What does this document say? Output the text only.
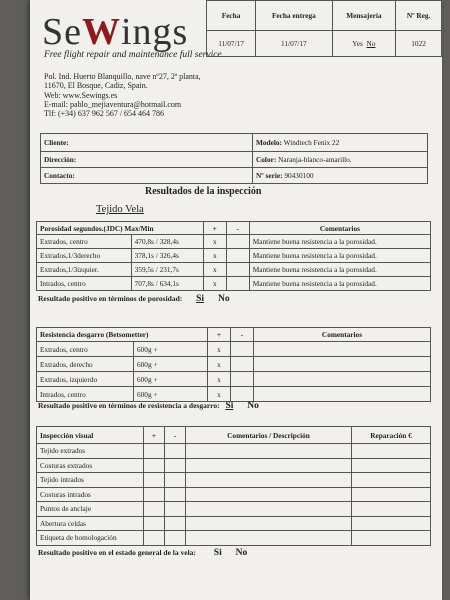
SeWings
Free flight repair and maintenance full service.
Pol. Ind. Huerto Blanquillo, nave nº27, 2ª planta,
11670, El Bosque, Cadiz, Spain.
Web: www.Sewings.es
E-mail: pablo_mejiaventura@hotmail.com
Tlf: (+34) 637 962 567 / 654 464 786
Fecha	Fecha entrega	Mensajería	Nº Reg.
11/07/17	11/07/17	Yes No	1022
Cliente:	Modelo: Windtech Fenix 22
Dirección:	Color: Naranja-blanco-amarillo.
Contacto:	Nº serie: 90430100
Resultados de la inspección
Tejido Vela
Porosidad segundos.(JDC) Max/Min		+	-	Comentarios
Extrados, centro	470,8s / 328,4s	x		Mantiene buena resistencia a la porosidad.
Extrados,1/3derecho	378,1s / 326,4s	x		Mantiene buena resistencia a la porosidad.
Extrados,1/3izquier.	359,5s / 231,7s	x		Mantiene buena resistencia a la porosidad.
Intrados, centro	707,8s / 634,1s	x		Mantiene buena resistencia a la porosidad.
Resultado positivo en términos de porosidad: Si No
Resistencia desgarro (Betsometter)		+	-	Comentarios
Extrados, centro	600g +	x		
Extrados, derecho	600g +	x		
Extrados, izquierdo	600g +	x		
Intrados, centro	600g +	x		
Resultado positivo en términos de resistencia a desgarro: Si No
Inspección visual	+	-	Comentarios / Descripción	Reparación €
Tejido extrados				
Costuras extrados				
Tejido intrados				
Costuras intrados				
Puntos de anclaje				
Abertura celdas				
Etiqueta de homologación				
Resultado positivo en el estado general de la vela: Si No
